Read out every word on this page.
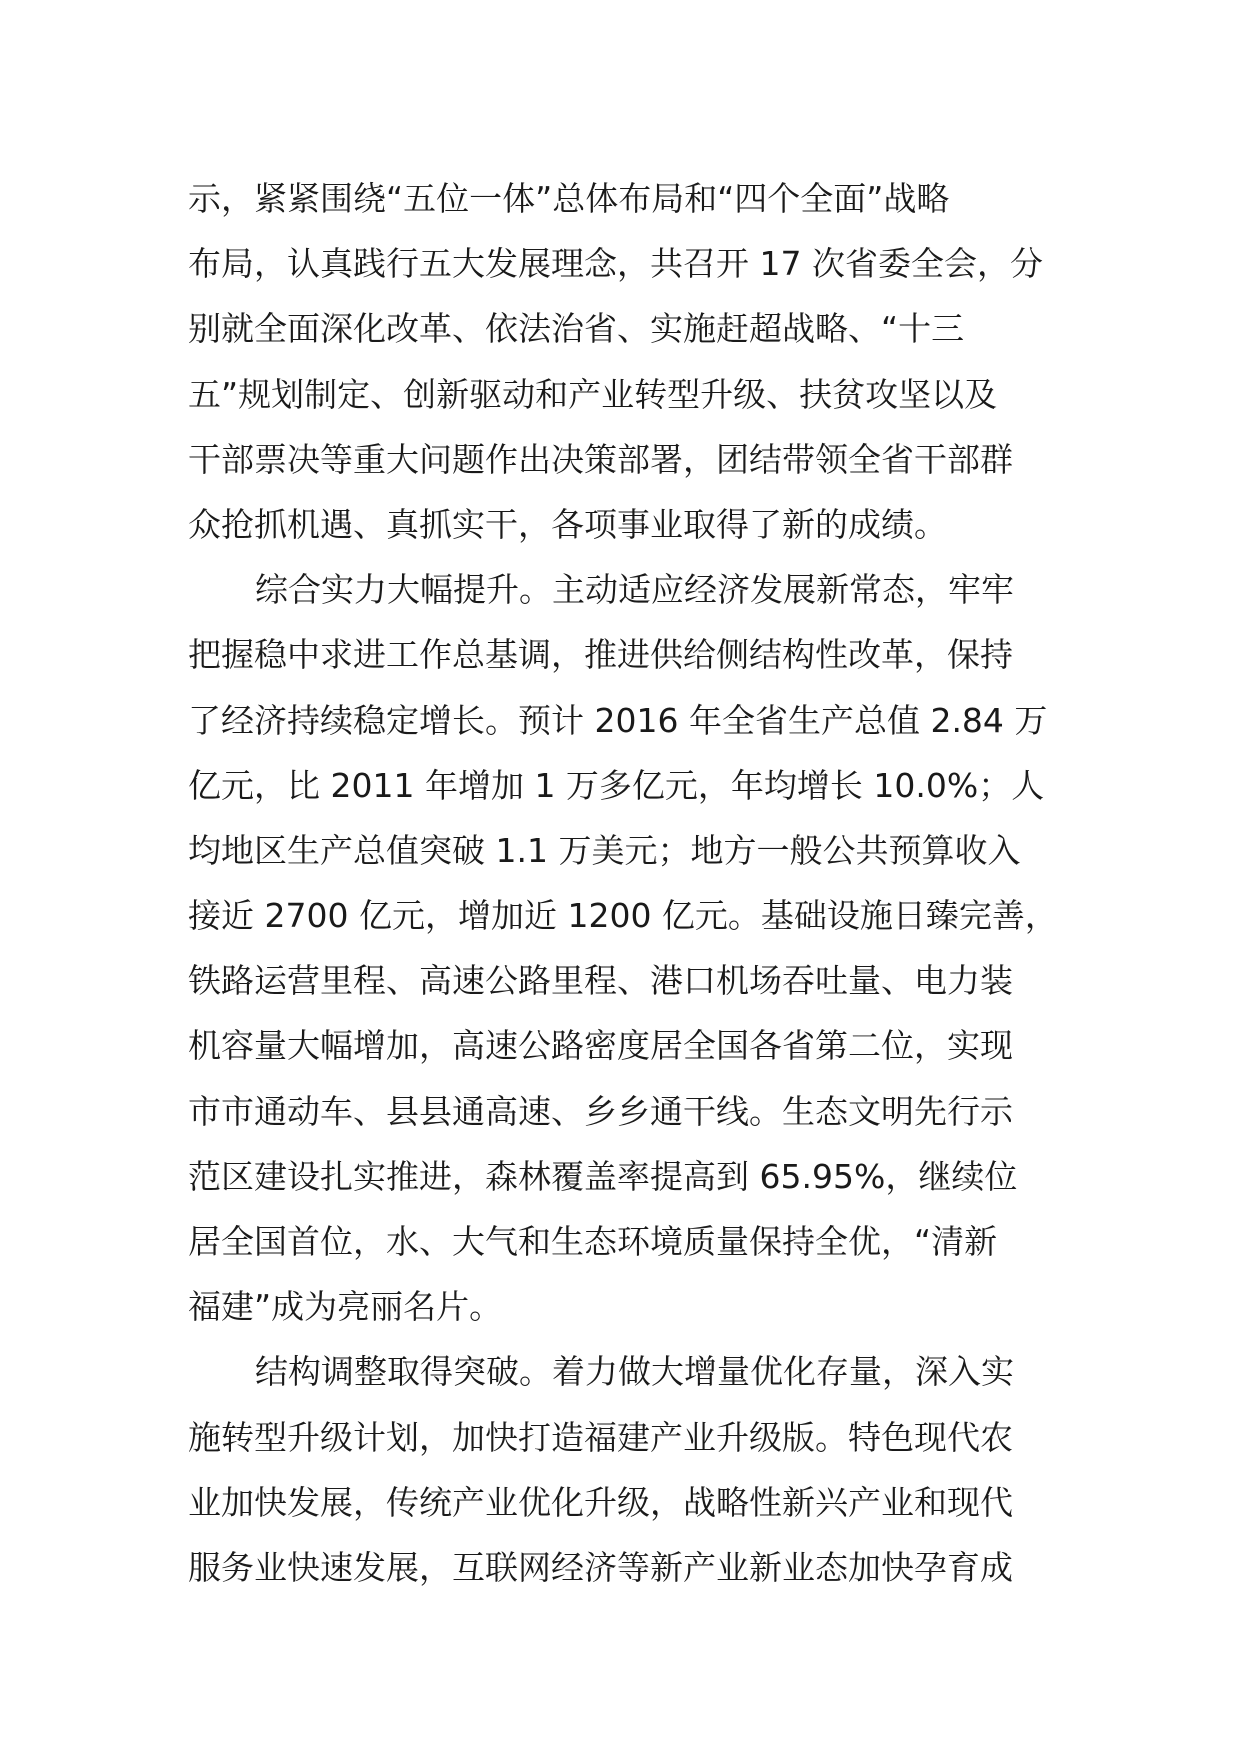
示，紧紧围绕“五位一体”总体布局和“四个全面”战略
布局，认真践行五大发展理念，共召开 17 次省委全会，分
别就全面深化改革、依法治省、实施赶超战略、“十三
五”规划制定、创新驱动和产业转型升级、扶贫攻坚以及
干部票决等重大问题作出决策部署，团结带领全省干部群
众抢抓机遇、真抓实干，各项事业取得了新的成绩。
综合实力大幅提升。主动适应经济发展新常态，牢牢
把握稳中求进工作总基调，推进供给侧结构性改革，保持
了经济持续稳定增长。预计 2016 年全省生产总值 2.84 万
亿元，比 2011 年增加 1 万多亿元，年均增长 10.0%；人
均地区生产总值突破 1.1 万美元；地方一般公共预算收入
接近 2700 亿元，增加近 1200 亿元。基础设施日臻完善，
铁路运营里程、高速公路里程、港口机场吞吐量、电力装
机容量大幅增加，高速公路密度居全国各省第二位，实现
市市通动车、县县通高速、乡乡通干线。生态文明先行示
范区建设扎实推进，森林覆盖率提高到 65.95%，继续位
居全国首位，水、大气和生态环境质量保持全优，“清新
福建”成为亮丽名片。
结构调整取得突破。着力做大增量优化存量，深入实
施转型升级计划，加快打造福建产业升级版。特色现代农
业加快发展，传统产业优化升级，战略性新兴产业和现代
服务业快速发展，互联网经济等新产业新业态加快孕育成
